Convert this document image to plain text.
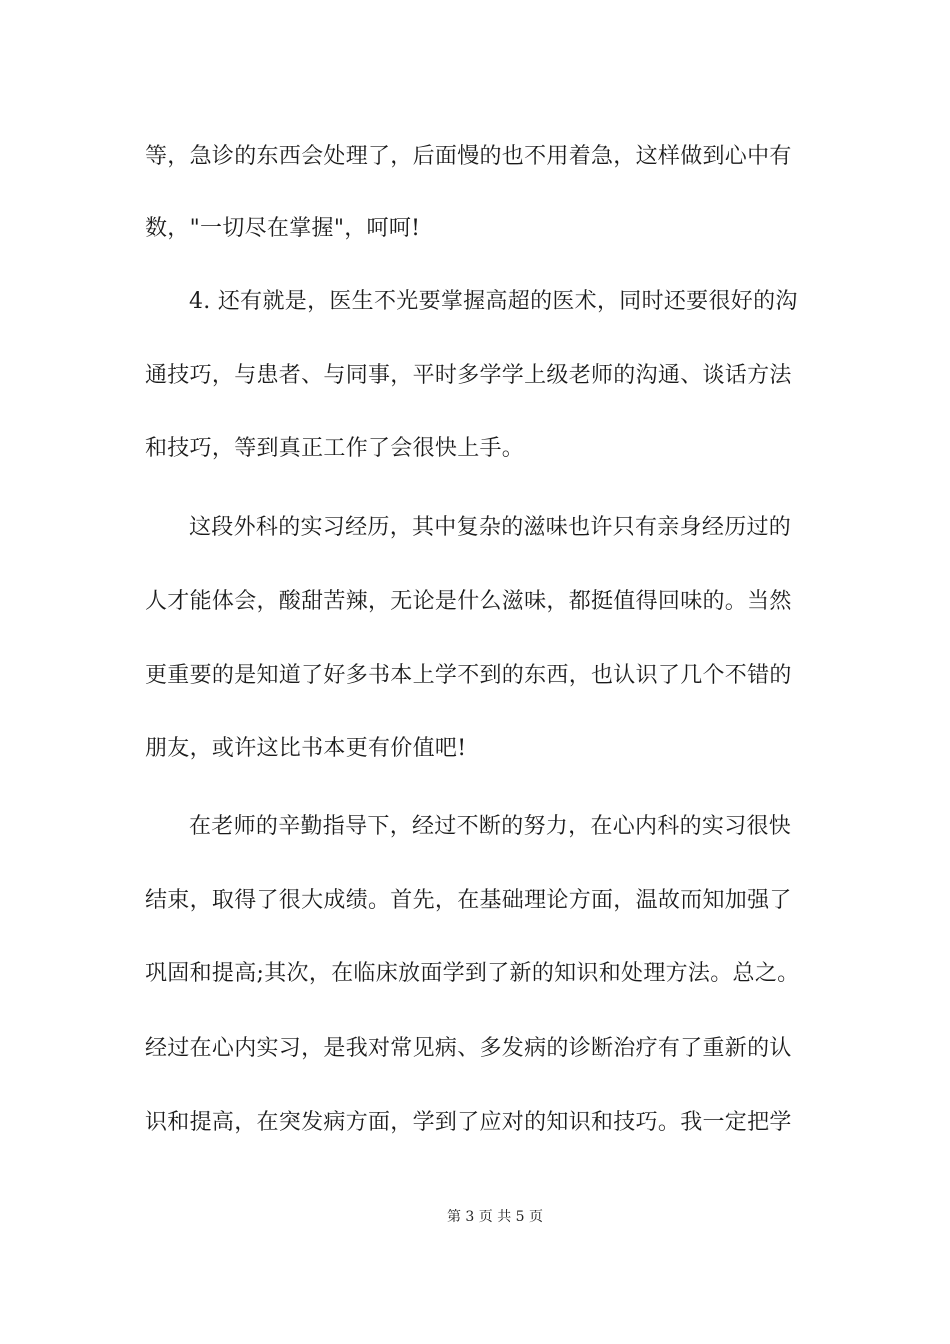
等，急诊的东西会处理了，后面慢的也不用着急，这样做到心中有
数，"一切尽在掌握"，呵呵!
4. 还有就是，医生不光要掌握高超的医术，同时还要很好的沟
通技巧，与患者、与同事，平时多学学上级老师的沟通、谈话方法
和技巧，等到真正工作了会很快上手。
这段外科的实习经历，其中复杂的滋味也许只有亲身经历过的
人才能体会，酸甜苦辣，无论是什么滋味，都挺值得回味的。当然
更重要的是知道了好多书本上学不到的东西，也认识了几个不错的
朋友，或许这比书本更有价值吧!
在老师的辛勤指导下，经过不断的努力，在心内科的实习很快
结束，取得了很大成绩。首先，在基础理论方面，温故而知加强了
巩固和提高;其次，在临床放面学到了新的知识和处理方法。总之。
经过在心内实习，是我对常见病、多发病的诊断治疗有了重新的认
识和提高，在突发病方面，学到了应对的知识和技巧。我一定把学
第 3 页 共 5 页
